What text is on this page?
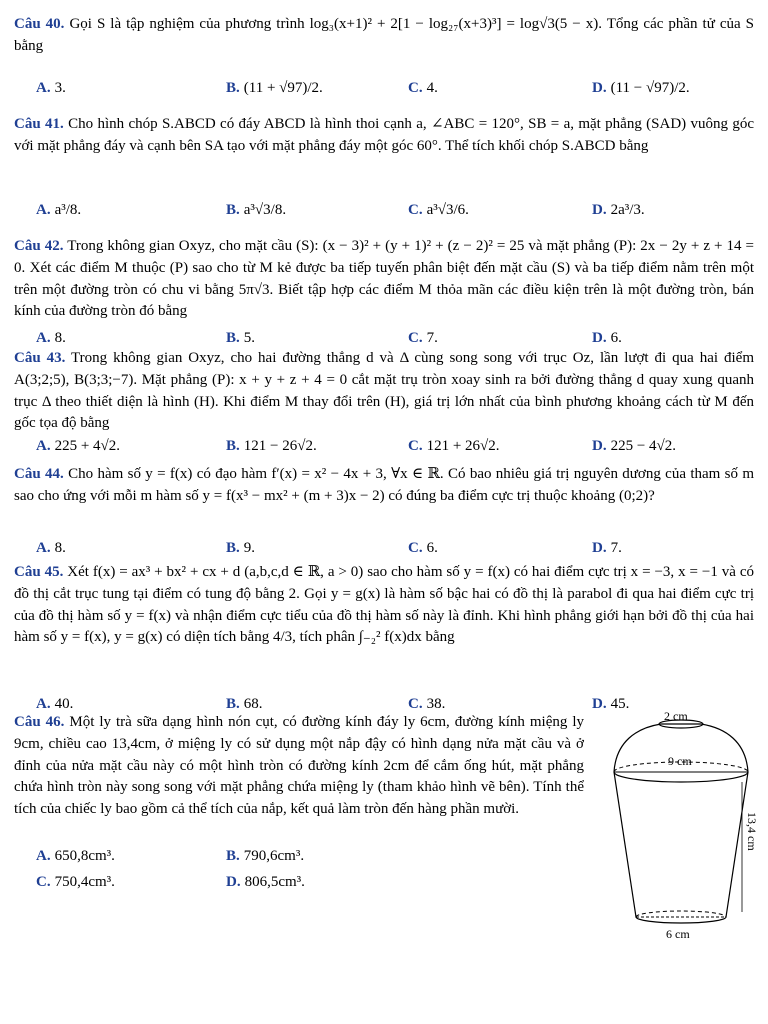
Câu 40. Gọi S là tập nghiệm của phương trình log₃(x+1)² + 2[1 − log₂₇(x+3)³] = log√3(5 − x). Tổng các phần tử của S bằng
A. 3.	B. (11 + √97)/2.	C. 4.	D. (11 − √97)/2.
Câu 41. Cho hình chóp S.ABCD có đáy ABCD là hình thoi cạnh a, ∠ABC = 120°, SB = a, mặt phẳng (SAD) vuông góc với mặt phẳng đáy và cạnh bên SA tạo với mặt phẳng đáy một góc 60°. Thể tích khối chóp S.ABCD bằng
A. a³/8.	B. a³√3/8.	C. a³√3/6.	D. 2a³/3.
Câu 42. Trong không gian Oxyz, cho mặt cầu (S): (x − 3)² + (y + 1)² + (z − 2)² = 25 và mặt phẳng (P): 2x − 2y + z + 14 = 0. Xét các điểm M thuộc (P) sao cho từ M kẻ được ba tiếp tuyến phân biệt đến mặt cầu (S) và ba tiếp điểm nằm trên một trên một đường tròn có chu vi bằng 5π√3. Biết tập hợp các điểm M thỏa mãn các điều kiện trên là một đường tròn, bán kính của đường tròn đó bằng
A. 8.	B. 5.	C. 7.	D. 6.
Câu 43. Trong không gian Oxyz, cho hai đường thẳng d và Δ cùng song song với trục Oz, lần lượt đi qua hai điểm A(3;2;5), B(3;3;−7). Mặt phẳng (P): x + y + z + 4 = 0 cắt mặt trụ tròn xoay sinh ra bởi đường thẳng d quay xung quanh trục Δ theo thiết diện là hình (H). Khi điểm M thay đổi trên (H), giá trị lớn nhất của bình phương khoảng cách từ M đến gốc tọa độ bằng
A. 225 + 4√2.	B. 121 − 26√2.	C. 121 + 26√2.	D. 225 − 4√2.
Câu 44. Cho hàm số y = f(x) có đạo hàm f′(x) = x² − 4x + 3, ∀x ∈ ℝ. Có bao nhiêu giá trị nguyên dương của tham số m sao cho ứng với mỗi m hàm số y = f(x³ − mx² + (m + 3)x − 2) có đúng ba điểm cực trị thuộc khoảng (0;2)?
A. 8.	B. 9.	C. 6.	D. 7.
Câu 45. Xét f(x) = ax³ + bx² + cx + d (a,b,c,d ∈ ℝ, a > 0) sao cho hàm số y = f(x) có hai điểm cực trị x = −3, x = −1 và có đồ thị cắt trục tung tại điểm có tung độ bằng 2. Gọi y = g(x) là hàm số bậc hai có đồ thị là parabol đi qua hai điểm cực trị của đồ thị hàm số y = f(x) và nhận điểm cực tiểu của đồ thị hàm số này là đỉnh. Khi hình phẳng giới hạn bởi đồ thị của hai hàm số y = f(x), y = g(x) có diện tích bằng 4/3, tích phân ∫₋₂² f(x)dx bằng
A. 40.	B. 68.	C. 38.	D. 45.
Câu 46. Một ly trà sữa dạng hình nón cụt, có đường kính đáy ly 6cm, đường kính miệng ly 9cm, chiều cao 13,4cm, ở miệng ly có sử dụng một nắp đậy có hình dạng nửa mặt cầu và ở đỉnh của nửa mặt cầu này có một hình tròn có đường kính 2cm để cắm ống hút, mặt phẳng chứa hình tròn này song song với mặt phẳng chứa miệng ly (tham khảo hình vẽ bên). Tính thể tích của chiếc ly bao gồm cả thể tích của nắp, kết quả làm tròn đến hàng phần mười.
A. 650,8cm³.	B. 790,6cm³.
C. 750,4cm³.	D. 806,5cm³.
2 cm
9 cm
13,4 cm
6 cm
